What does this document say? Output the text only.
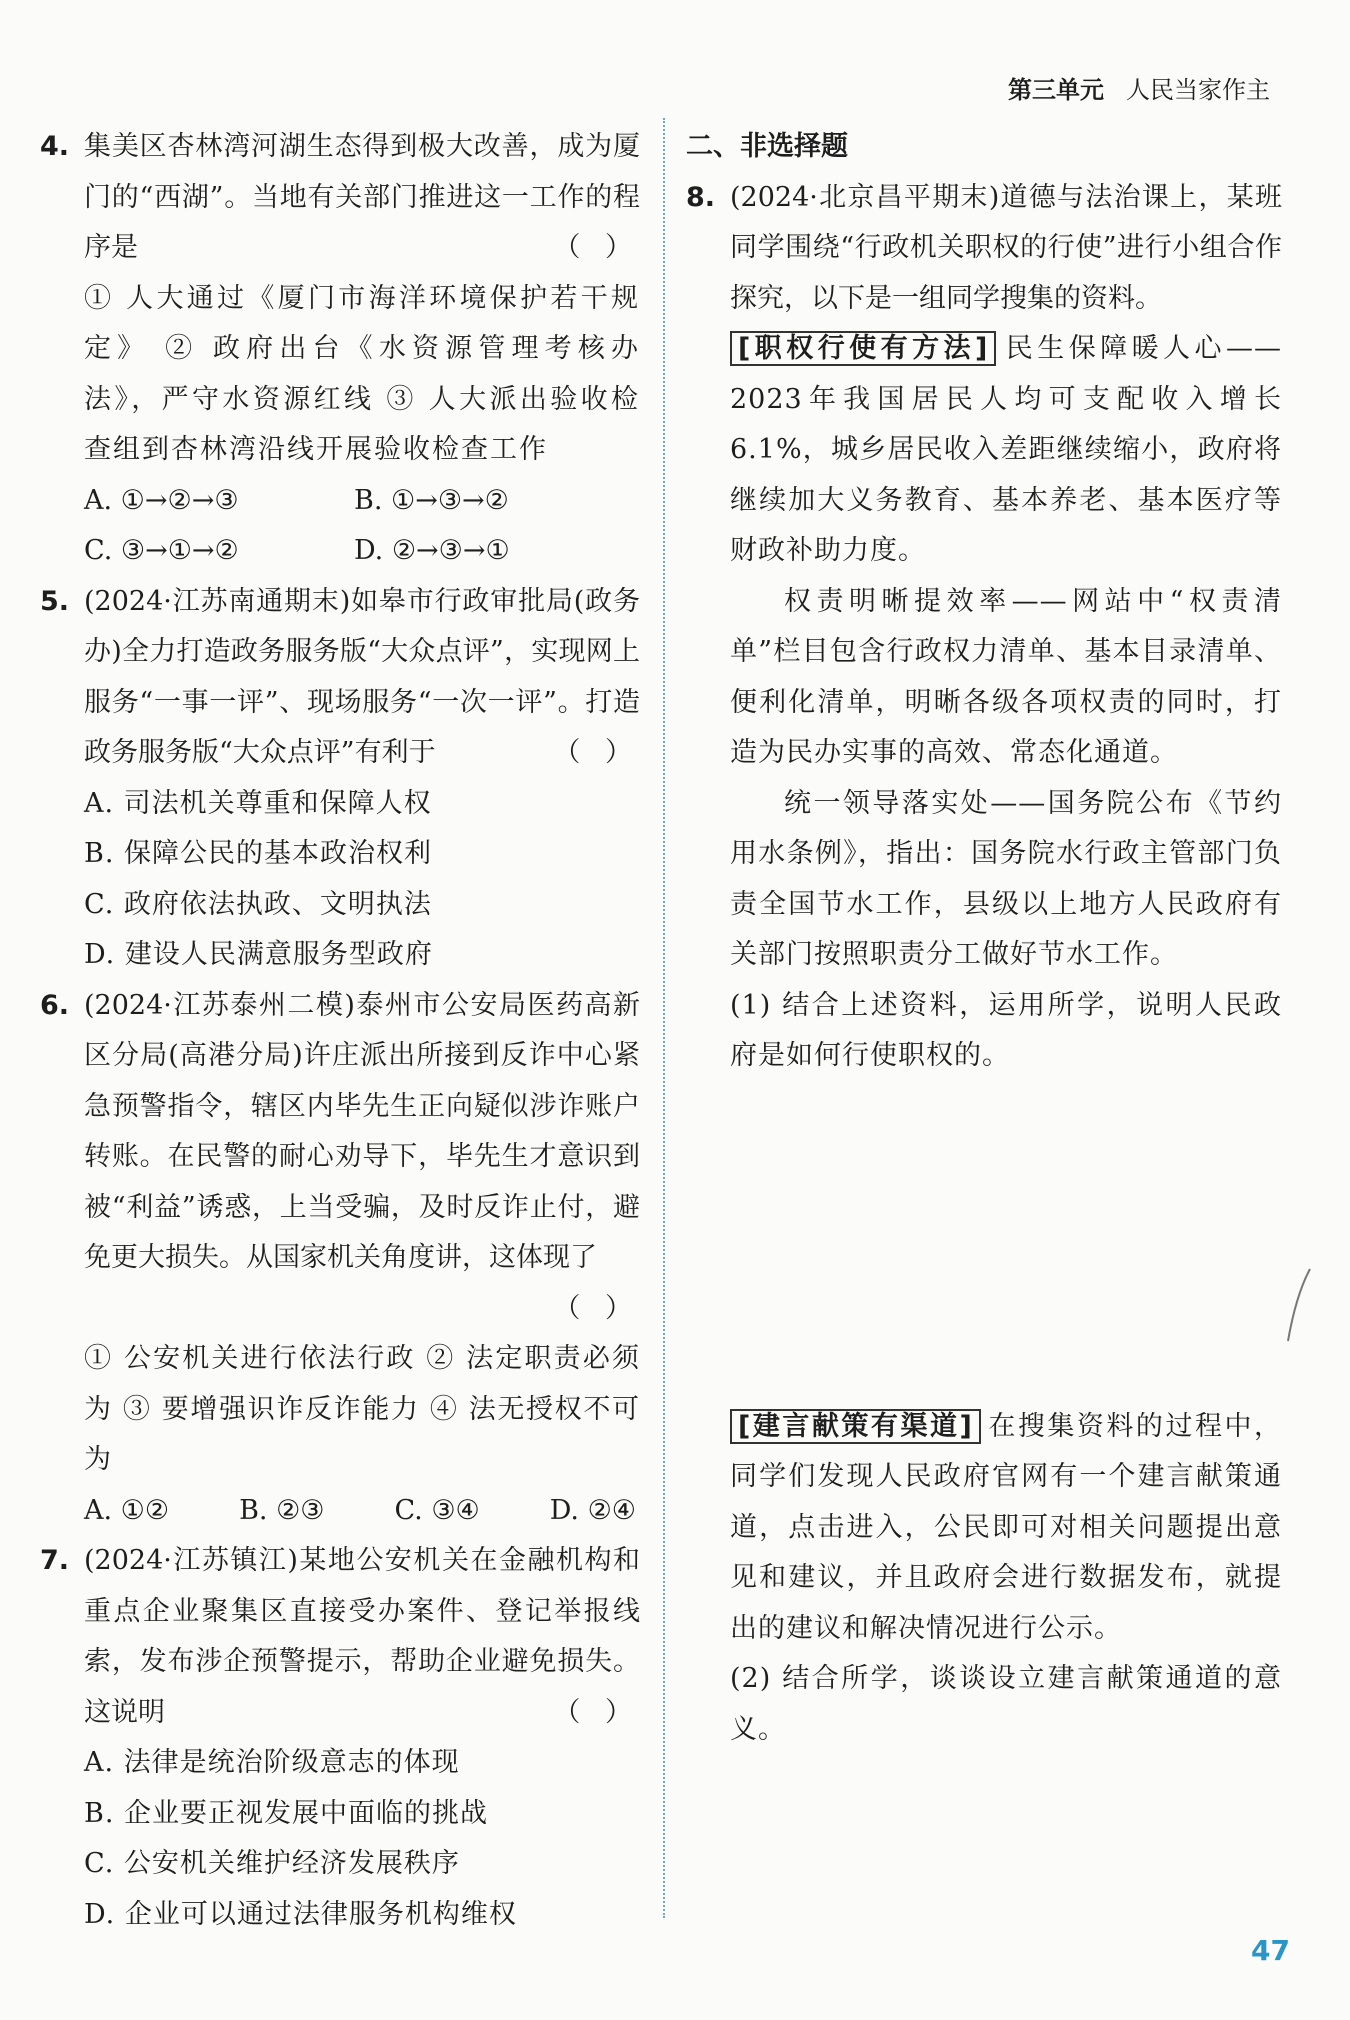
第三单元 人民当家作主
4. 集美区杏林湾河湖生态得到极大改善，成为厦门的“西湖”。当地有关部门推进这一工作的程序是	（ ）
① 人大通过《厦门市海洋环境保护若干规定》 ② 政府出台《水资源管理考核办法》，严守水资源红线 ③ 人大派出验收检查组到杏林湾沿线开展验收检查工作
A. ①→②→③	B. ①→③→②
C. ③→①→②	D. ②→③→①
5. (2024·江苏南通期末)如皋市行政审批局(政务办)全力打造政务服务版“大众点评”，实现网上服务“一事一评”、现场服务“一次一评”。打造政务服务版“大众点评”有利于	（ ）
A. 司法机关尊重和保障人权
B. 保障公民的基本政治权利
C. 政府依法执政、文明执法
D. 建设人民满意服务型政府
6. (2024·江苏泰州二模)泰州市公安局医药高新区分局(高港分局)许庄派出所接到反诈中心紧急预警指令，辖区内毕先生正向疑似涉诈账户转账。在民警的耐心劝导下，毕先生才意识到被“利益”诱惑，上当受骗，及时反诈止付，避免更大损失。从国家机关角度讲，这体现了
（ ）
① 公安机关进行依法行政 ② 法定职责必须为 ③ 要增强识诈反诈能力 ④ 法无授权不可为
A. ①②	B. ②③	C. ③④	D. ②④
7. (2024·江苏镇江)某地公安机关在金融机构和重点企业聚集区直接受办案件、登记举报线索，发布涉企预警提示，帮助企业避免损失。这说明	（ ）
A. 法律是统治阶级意志的体现
B. 企业要正视发展中面临的挑战
C. 公安机关维护经济发展秩序
D. 企业可以通过法律服务机构维权
二、非选择题
8. (2024·北京昌平期末)道德与法治课上，某班同学围绕“行政机关职权的行使”进行小组合作探究，以下是一组同学搜集的资料。
[职权行使有方法] 民生保障暖人心——2023年我国居民人均可支配收入增长6.1%，城乡居民收入差距继续缩小，政府将继续加大义务教育、基本养老、基本医疗等财政补助力度。
权责明晰提效率——网站中“权责清单”栏目包含行政权力清单、基本目录清单、便利化清单，明晰各级各项权责的同时，打造为民办实事的高效、常态化通道。
统一领导落实处——国务院公布《节约用水条例》，指出：国务院水行政主管部门负责全国节水工作，县级以上地方人民政府有关部门按照职责分工做好节水工作。
(1) 结合上述资料，运用所学，说明人民政府是如何行使职权的。
[建言献策有渠道] 在搜集资料的过程中，同学们发现人民政府官网有一个建言献策通道，点击进入，公民即可对相关问题提出意见和建议，并且政府会进行数据发布，就提出的建议和解决情况进行公示。
(2) 结合所学，谈谈设立建言献策通道的意义。
47
